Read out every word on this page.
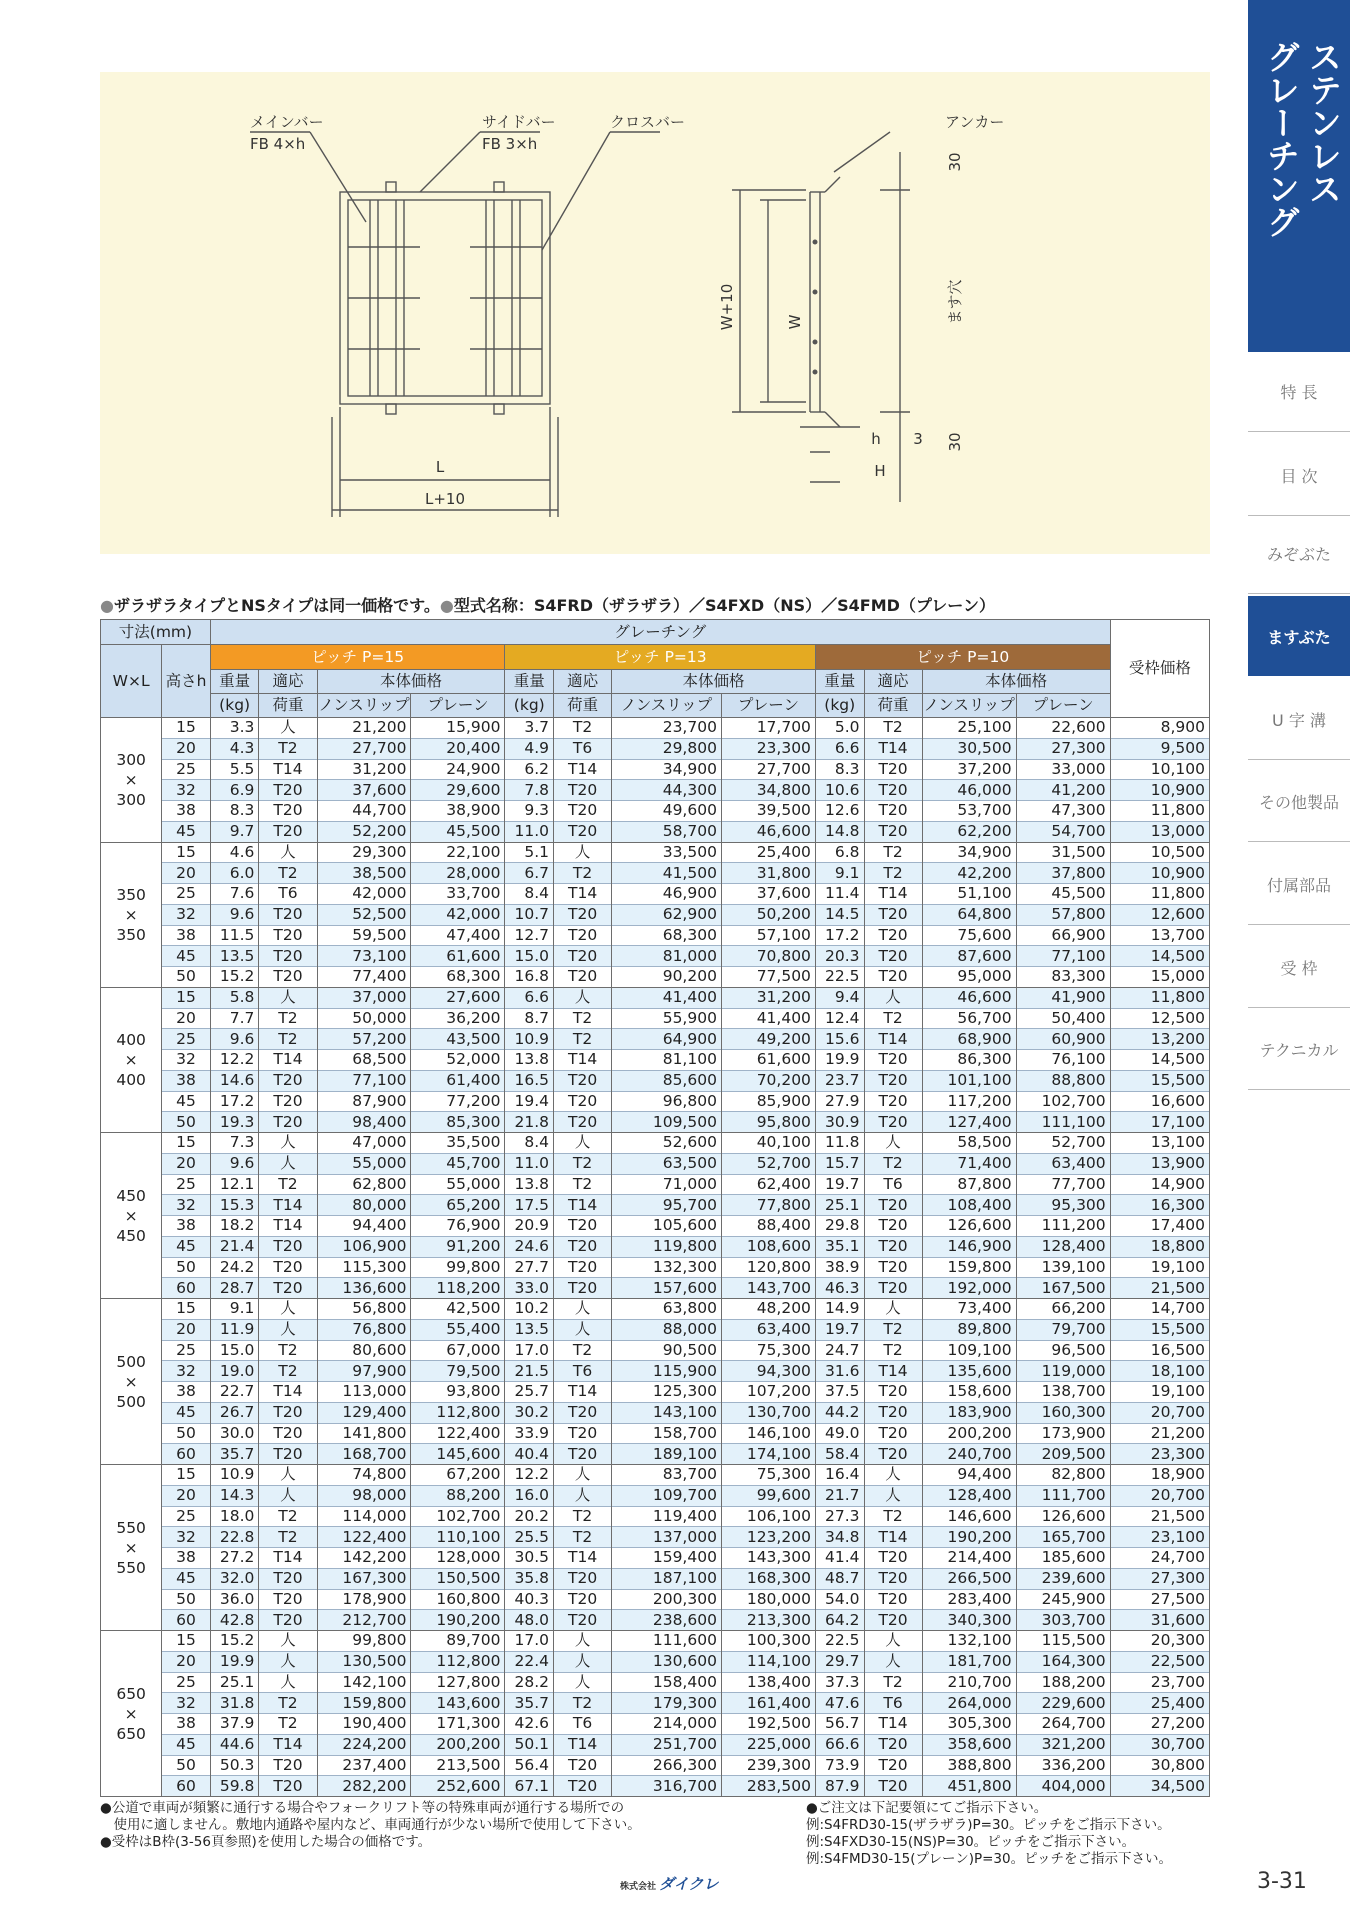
メインバー
FB 4×h
サイドバー
FB 3×h
クロスバー	アンカー
L
L+10
W
W+10
30
ます穴
30
h 3
H
ステンレス
グレーチング
特 長
目 次
みぞぶた
ますぶた
U 字 溝
その他製品
付属部品
受 枠
テクニカル
●ザラザラタイプとNSタイプは同一価格です。●型式名称：S4FRD（ザラザラ）／S4FXD（NS）／S4FMD（プレーン）
寸法(mm)		グレーチング												受枠価格
W×L	高さh	ピッチ P=15				ピッチ P=13				ピッチ P=10				
		重量	適応	本体価格		重量	適応	本体価格		重量	適応	本体価格		
		(kg)	荷重	ノンスリップ	プレーン	(kg)	荷重	ノンスリップ	プレーン	(kg)	荷重	ノンスリップ	プレーン	

300
×
300	15	3.3	人	21,200	15,900	3.7	T2	23,700	17,700	5.0	T2	25,100	22,600	8,900
	20	4.3	T2	27,700	20,400	4.9	T6	29,800	23,300	6.6	T14	30,500	27,300	9,500
	25	5.5	T14	31,200	24,900	6.2	T14	34,900	27,700	8.3	T20	37,200	33,000	10,100
	32	6.9	T20	37,600	29,600	7.8	T20	44,300	34,800	10.6	T20	46,000	41,200	10,900
	38	8.3	T20	44,700	38,900	9.3	T20	49,600	39,500	12.6	T20	53,700	47,300	11,800
	45	9.7	T20	52,200	45,500	11.0	T20	58,700	46,600	14.8	T20	62,200	54,700	13,000

350
×
350	15	4.6	人	29,300	22,100	5.1	人	33,500	25,400	6.8	T2	34,900	31,500	10,500
	20	6.0	T2	38,500	28,000	6.7	T2	41,500	31,800	9.1	T2	42,200	37,800	10,900
	25	7.6	T6	42,000	33,700	8.4	T14	46,900	37,600	11.4	T14	51,100	45,500	11,800
	32	9.6	T20	52,500	42,000	10.7	T20	62,900	50,200	14.5	T20	64,800	57,800	12,600
	38	11.5	T20	59,500	47,400	12.7	T20	68,300	57,100	17.2	T20	75,600	66,900	13,700
	45	13.5	T20	73,100	61,600	15.0	T20	81,000	70,800	20.3	T20	87,600	77,100	14,500
	50	15.2	T20	77,400	68,300	16.8	T20	90,200	77,500	22.5	T20	95,000	83,300	15,000

400
×
400	15	5.8	人	37,000	27,600	6.6	人	41,400	31,200	9.4	人	46,600	41,900	11,800
	20	7.7	T2	50,000	36,200	8.7	T2	55,900	41,400	12.4	T2	56,700	50,400	12,500
	25	9.6	T2	57,200	43,500	10.9	T2	64,900	49,200	15.6	T14	68,900	60,900	13,200
	32	12.2	T14	68,500	52,000	13.8	T14	81,100	61,600	19.9	T20	86,300	76,100	14,500
	38	14.6	T20	77,100	61,400	16.5	T20	85,600	70,200	23.7	T20	101,100	88,800	15,500
	45	17.2	T20	87,900	77,200	19.4	T20	96,800	85,900	27.9	T20	117,200	102,700	16,600
	50	19.3	T20	98,400	85,300	21.8	T20	109,500	95,800	30.9	T20	127,400	111,100	17,100

450
×
450	15	7.3	人	47,000	35,500	8.4	人	52,600	40,100	11.8	人	58,500	52,700	13,100
	20	9.6	人	55,000	45,700	11.0	T2	63,500	52,700	15.7	T2	71,400	63,400	13,900
	25	12.1	T2	62,800	55,000	13.8	T2	71,000	62,400	19.7	T6	87,800	77,700	14,900
	32	15.3	T14	80,000	65,200	17.5	T14	95,700	77,800	25.1	T20	108,400	95,300	16,300
	38	18.2	T14	94,400	76,900	20.9	T20	105,600	88,400	29.8	T20	126,600	111,200	17,400
	45	21.4	T20	106,900	91,200	24.6	T20	119,800	108,600	35.1	T20	146,900	128,400	18,800
	50	24.2	T20	115,300	99,800	27.7	T20	132,300	120,800	38.9	T20	159,800	139,100	19,100
	60	28.7	T20	136,600	118,200	33.0	T20	157,600	143,700	46.3	T20	192,000	167,500	21,500

500
×
500	15	9.1	人	56,800	42,500	10.2	人	63,800	48,200	14.9	人	73,400	66,200	14,700
	20	11.9	人	76,800	55,400	13.5	人	88,000	63,400	19.7	T2	89,800	79,700	15,500
	25	15.0	T2	80,600	67,000	17.0	T2	90,500	75,300	24.7	T2	109,100	96,500	16,500
	32	19.0	T2	97,900	79,500	21.5	T6	115,900	94,300	31.6	T14	135,600	119,000	18,100
	38	22.7	T14	113,000	93,800	25.7	T14	125,300	107,200	37.5	T20	158,600	138,700	19,100
	45	26.7	T20	129,400	112,800	30.2	T20	143,100	130,700	44.2	T20	183,900	160,300	20,700
	50	30.0	T20	141,800	122,400	33.9	T20	158,700	146,100	49.0	T20	200,200	173,900	21,200
	60	35.7	T20	168,700	145,600	40.4	T20	189,100	174,100	58.4	T20	240,700	209,500	23,300

550
×
550	15	10.9	人	74,800	67,200	12.2	人	83,700	75,300	16.4	人	94,400	82,800	18,900
	20	14.3	人	98,000	88,200	16.0	人	109,700	99,600	21.7	人	128,400	111,700	20,700
	25	18.0	T2	114,000	102,700	20.2	T2	119,400	106,100	27.3	T2	146,600	126,600	21,500
	32	22.8	T2	122,400	110,100	25.5	T2	137,000	123,200	34.8	T14	190,200	165,700	23,100
	38	27.2	T14	142,200	128,000	30.5	T14	159,400	143,300	41.4	T20	214,400	185,600	24,700
	45	32.0	T20	167,300	150,500	35.8	T20	187,100	168,300	48.7	T20	266,500	239,600	27,300
	50	36.0	T20	178,900	160,800	40.3	T20	200,300	180,000	54.0	T20	283,400	245,900	27,500
	60	42.8	T20	212,700	190,200	48.0	T20	238,600	213,300	64.2	T20	340,300	303,700	31,600

650
×
650	15	15.2	人	99,800	89,700	17.0	人	111,600	100,300	22.5	人	132,100	115,500	20,300
	20	19.9	人	130,500	112,800	22.4	人	130,600	114,100	29.7	人	181,700	164,300	22,500
	25	25.1	人	142,100	127,800	28.2	人	158,400	138,400	37.3	T2	210,700	188,200	23,700
	32	31.8	T2	159,800	143,600	35.7	T2	179,300	161,400	47.6	T6	264,000	229,600	25,400
	38	37.9	T2	190,400	171,300	42.6	T6	214,000	192,500	56.7	T14	305,300	264,700	27,200
	45	44.6	T14	224,200	200,200	50.1	T14	251,700	225,000	66.6	T20	358,600	321,200	30,700
	50	50.3	T20	237,400	213,500	56.4	T20	266,300	239,300	73.9	T20	388,800	336,200	30,800
	60	59.8	T20	282,200	252,600	67.1	T20	316,700	283,500	87.9	T20	451,800	404,000	34,500
●公道で車両が頻繁に通行する場合やフォークリフト等の特殊車両が通行する場所での
　使用に適しません。敷地内通路や屋内など、車両通行が少ない場所で使用して下さい。
●受枠はB枠(3-56頁参照)を使用した場合の価格です。
●ご注文は下記要領にてご指示下さい。
例:S4FRD30-15(ザラザラ)P=30。ピッチをご指示下さい。
例:S4FXD30-15(NS)P=30。ピッチをご指示下さい。
例:S4FMD30-15(プレーン)P=30。ピッチをご指示下さい。
株式会社 ダイクレ	3-31
